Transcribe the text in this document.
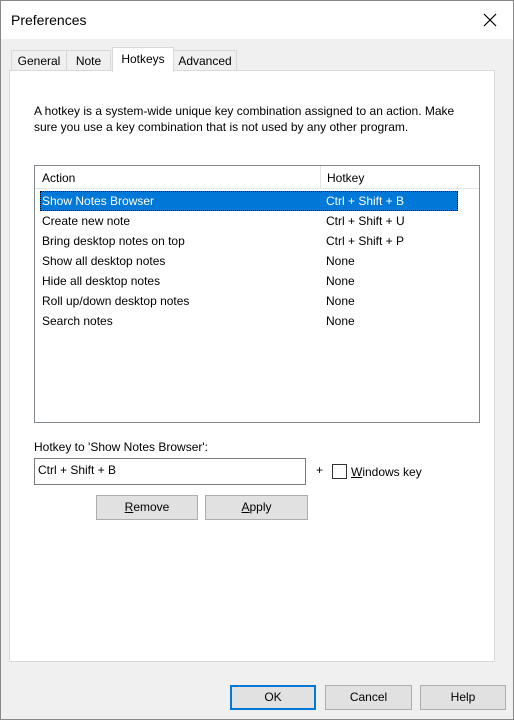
Preferences
General	Note	Hotkeys	Advanced
A hotkey is a system-wide unique key combination assigned to an action. Make sure you use a key combination that is not used by any other program.
Action	Hotkey
Show Notes Browser	Ctrl + Shift + B
Create new note	Ctrl + Shift + U
Bring desktop notes on top	Ctrl + Shift + P
Show all desktop notes	None
Hide all desktop notes	None
Roll up/down desktop notes	None
Search notes	None
Hotkey to 'Show Notes Browser':
Ctrl + Shift + B	+ Windows key
Remove	Apply
OK	Cancel	Help
